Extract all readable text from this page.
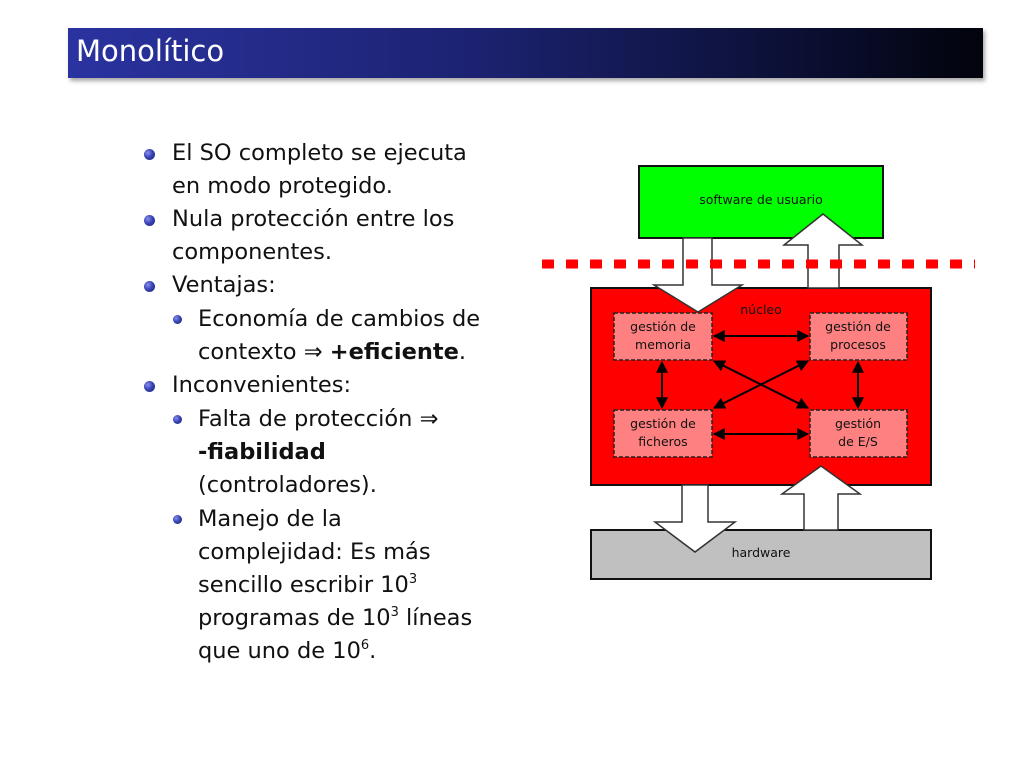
Monolítico
El SO completo se ejecuta
en modo protegido.
Nula protección entre los
componentes.
Ventajas:
Economía de cambios de
contexto ⇒ +eficiente.
Inconvenientes:
Falta de protección ⇒
-fiabilidad
(controladores).
Manejo de la
complejidad: Es más
sencillo escribir $10^3$
programas de $10^3$ líneas
que uno de $10^6$.
software de usuario
núcleo
hardware
gestión de
memoria
gestión de
procesos
gestión de
ficheros
gestión
de E/S
